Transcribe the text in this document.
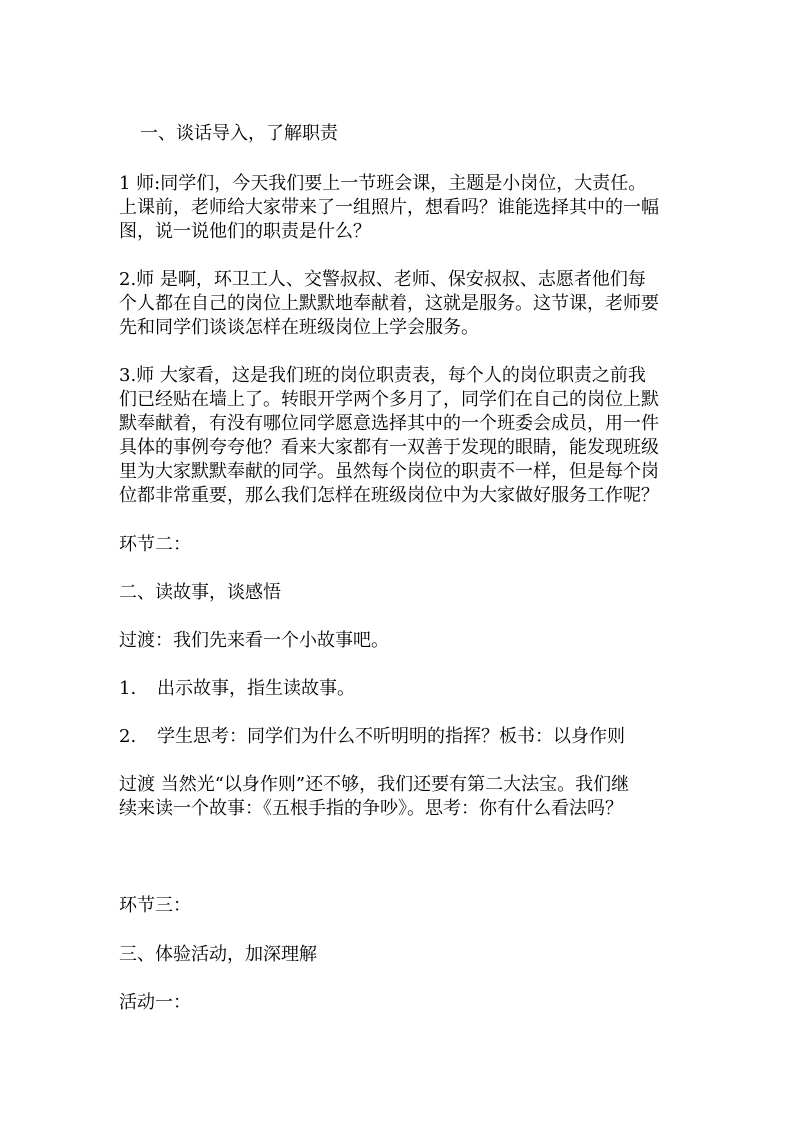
一、谈话导入，了解职责
1 师:同学们，今天我们要上一节班会课，主题是小岗位，大责任。
上课前，老师给大家带来了一组照片，想看吗？谁能选择其中的一幅
图，说一说他们的职责是什么？
2.师 是啊，环卫工人、交警叔叔、老师、保安叔叔、志愿者他们每
个人都在自己的岗位上默默地奉献着，这就是服务。这节课，老师要
先和同学们谈谈怎样在班级岗位上学会服务。
3.师 大家看，这是我们班的岗位职责表，每个人的岗位职责之前我
们已经贴在墙上了。转眼开学两个多月了，同学们在自己的岗位上默
默奉献着，有没有哪位同学愿意选择其中的一个班委会成员，用一件
具体的事例夸夸他？看来大家都有一双善于发现的眼睛，能发现班级
里为大家默默奉献的同学。虽然每个岗位的职责不一样，但是每个岗
位都非常重要，那么我们怎样在班级岗位中为大家做好服务工作呢？
环节二：
二、读故事，谈感悟
过渡：我们先来看一个小故事吧。
1. 出示故事，指生读故事。
2. 学生思考：同学们为什么不听明明的指挥？板书：以身作则
过渡 当然光“以身作则”还不够，我们还要有第二大法宝。我们继
续来读一个故事：《五根手指的争吵》。思考：你有什么看法吗？
环节三：
三、体验活动，加深理解
活动一：
